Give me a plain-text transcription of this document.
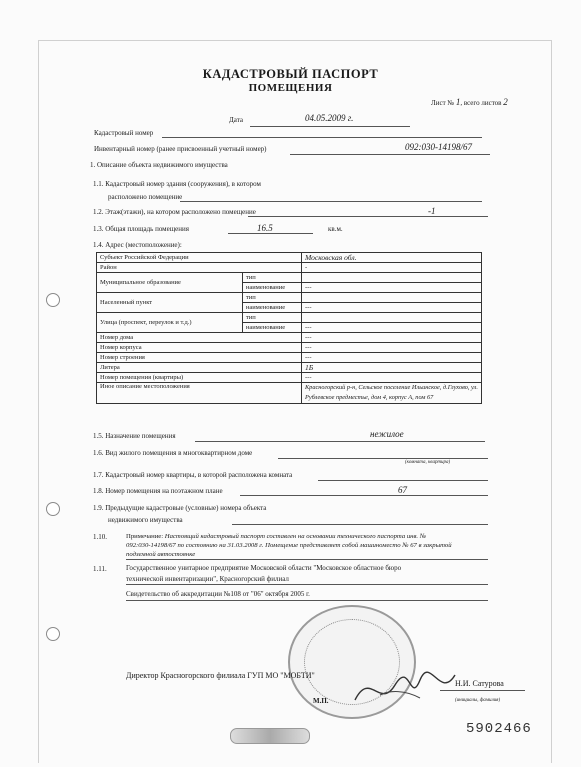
КАДАСТРОВЫЙ ПАСПОРТ
ПОМЕЩЕНИЯ
Лист № 1, всего листов 2
Дата	04.05.2009 г.
Кадастровый номер
Инвентарный номер (ранее присвоенный учетный номер)	092:030-14198/67
1. Описание объекта недвижимого имущества
1.1. Кадастровый номер здания (сооружения), в котором
расположено помещение
1.2. Этаж(этажи), на котором расположено помещение	-1
1.3. Общая площадь помещения	16.5	кв.м.
1.4. Адрес (местоположение):
Субъект Российской Федерации		Московская обл.
Район		-
Муниципальное образование	тип	
	наименование	---
Населенный пункт	тип	
	наименование	---
Улица (проспект, переулок и т.д.)	тип	
	наименование	---
Номер дома		---
Номер корпуса		---
Номер строения		---
Литера		1Б
Номер помещения (квартиры)		---
Иное описание местоположения		Красногорский р-н, Сельское поселение Ильинское, д.Глухово, ул.
Рублевское предместье, дом 4, корпус А, пом 67
1.5. Назначение помещения	нежилое
1.6. Вид жилого помещения в многоквартирном доме
(комната, квартира)
1.7. Кадастровый номер квартиры, в которой расположена комната
1.8. Номер помещения на поэтажном плане	67
1.9. Предыдущие кадастровые (условные) номера объекта
недвижимого имущества
1.10.	Примечание: Настоящий кадастровый паспорт составлен на основании технического паспорта инв. №
092:030-14198/67 по состоянию на 31.03.2008 г. Помещение представляет собой машиноместо № 67 в закрытой
подземной автостоянке
1.11.	Государственное унитарное предприятие Московской области "Московское областное бюро
технической инвентаризации", Красногорский филиал
Свидетельство об аккредитации №108 от "06" октября 2005 г.
Директор Красногорского филиала ГУП МО "МОБТИ"
Н.И. Сатурова
(инициалы, фамилия)
М.П.
5902466
